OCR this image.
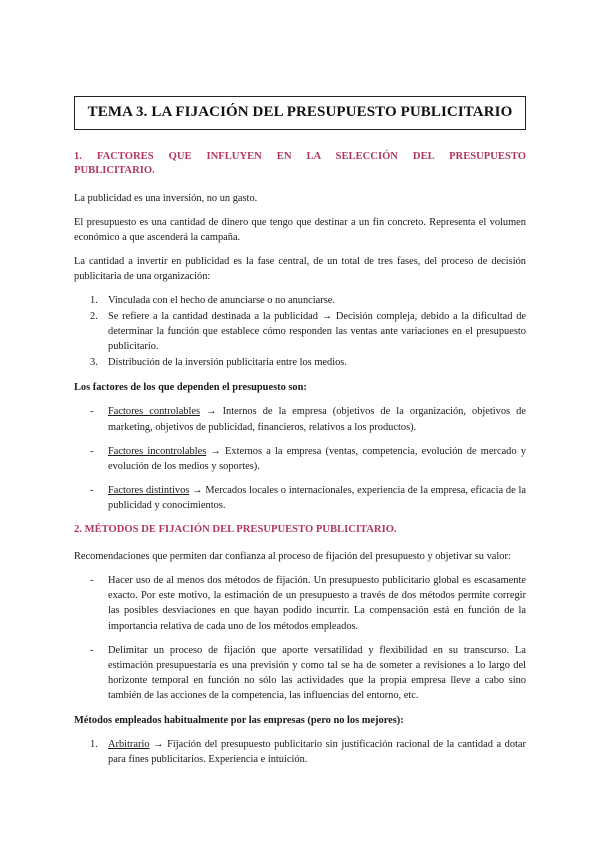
TEMA 3. LA FIJACIÓN DEL PRESUPUESTO PUBLICITARIO
1. FACTORES QUE INFLUYEN EN LA SELECCIÓN DEL PRESUPUESTO PUBLICITARIO.

La publicidad es una inversión, no un gasto.

El presupuesto es una cantidad de dinero que tengo que destinar a un fin concreto. Representa el volumen económico a que ascenderá la campaña.

La cantidad a invertir en publicidad es la fase central, de un total de tres fases, del proceso de decisión publicitaria de una organización:

1. Vinculada con el hecho de anunciarse o no anunciarse.
2. Se refiere a la cantidad destinada a la publicidad → Decisión compleja, debido a la dificultad de determinar la función que establece cómo responden las ventas ante variaciones en el presupuesto publicitario.
3. Distribución de la inversión publicitaria entre los medios.

Los factores de los que dependen el presupuesto son:

- Factores controlables → Internos de la empresa (objetivos de la organización, objetivos de marketing, objetivos de publicidad, financieros, relativos a los productos).
- Factores incontrolables → Externos a la empresa (ventas, competencia, evolución de mercado y evolución de los medios y soportes).
- Factores distintivos → Mercados locales o internacionales, experiencia de la empresa, eficacia de la publicidad y conocimientos.
2. MÉTODOS DE FIJACIÓN DEL PRESUPUESTO PUBLICITARIO.

Recomendaciones que permiten dar confianza al proceso de fijación del presupuesto y objetivar su valor:

- Hacer uso de al menos dos métodos de fijación. Un presupuesto publicitario global es escasamente exacto. Por este motivo, la estimación de un presupuesto a través de dos métodos permite corregir las posibles desviaciones en que hayan podido incurrir. La compensación está en función de la importancia relativa de cada uno de los métodos empleados.
- Delimitar un proceso de fijación que aporte versatilidad y flexibilidad en su transcurso. La estimación presupuestaria es una previsión y como tal se ha de someter a revisiones a lo largo del horizonte temporal en función no sólo las actividades que la propia empresa lleve a cabo sino también de las acciones de la competencia, las influencias del entorno, etc.

Métodos empleados habitualmente por las empresas (pero no los mejores):

1. Arbitrario → Fijación del presupuesto publicitario sin justificación racional de la cantidad a dotar para fines publicitarios. Experiencia e intuición.
